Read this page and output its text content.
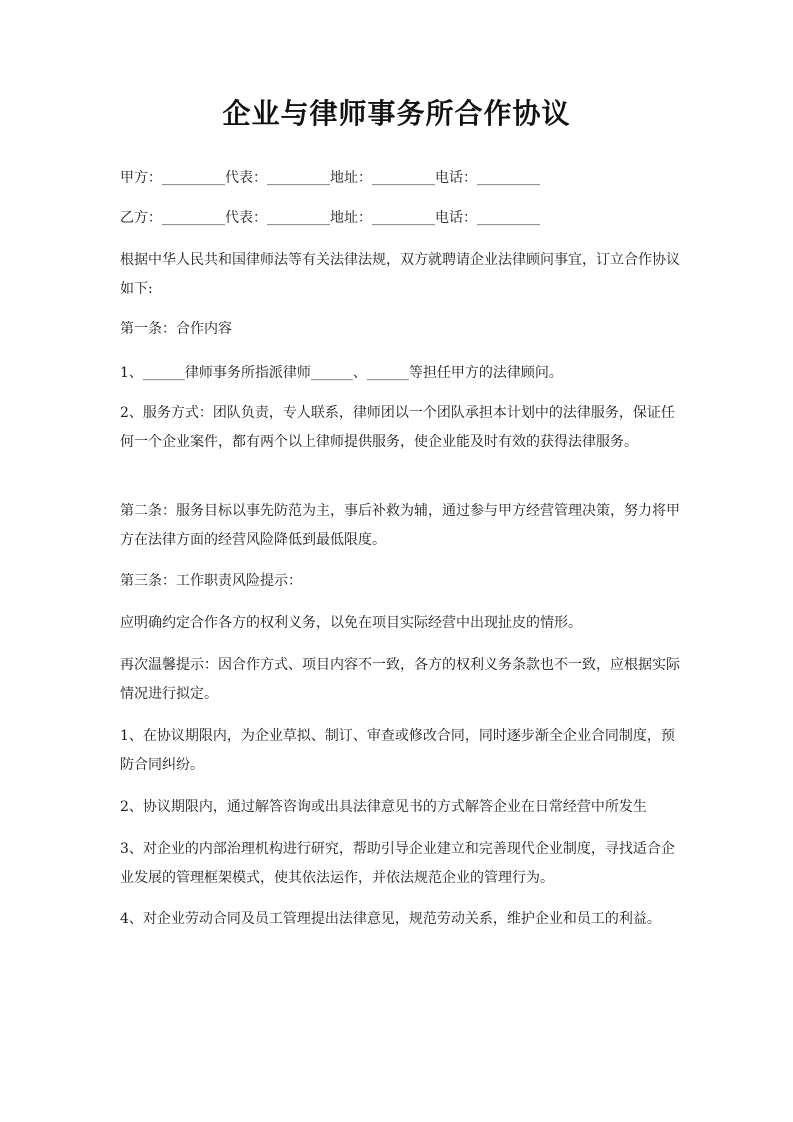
企业与律师事务所合作协议

甲方：_________代表：_________地址：_________电话：_________

乙方：_________代表：_________地址：_________电话：_________

根据中华人民共和国律师法等有关法律法规，双方就聘请企业法律顾问事宜，订立合作协议如下:

第一条：合作内容

1、______律师事务所指派律师______、______等担任甲方的法律顾问。

2、服务方式：团队负责，专人联系，律师团以一个团队承担本计划中的法律服务，保证任何一个企业案件，都有两个以上律师提供服务，使企业能及时有效的获得法律服务。

第二条：服务目标以事先防范为主，事后补救为辅，通过参与甲方经营管理决策，努力将甲方在法律方面的经营风险降低到最低限度。

第三条：工作职责风险提示：

应明确约定合作各方的权利义务，以免在项目实际经营中出现扯皮的情形。

再次温馨提示：因合作方式、项目内容不一致，各方的权利义务条款也不一致，应根据实际情况进行拟定。

1、在协议期限内，为企业草拟、制订、审查或修改合同，同时逐步渐全企业合同制度，预防合同纠纷。

2、协议期限内，通过解答咨询或出具法律意见书的方式解答企业在日常经营中所发生

3、对企业的内部治理机构进行研究，帮助引导企业建立和完善现代企业制度，寻找适合企业发展的管理框架模式，使其依法运作，并依法规范企业的管理行为。

4、对企业劳动合同及员工管理提出法律意见，规范劳动关系，维护企业和员工的利益。
